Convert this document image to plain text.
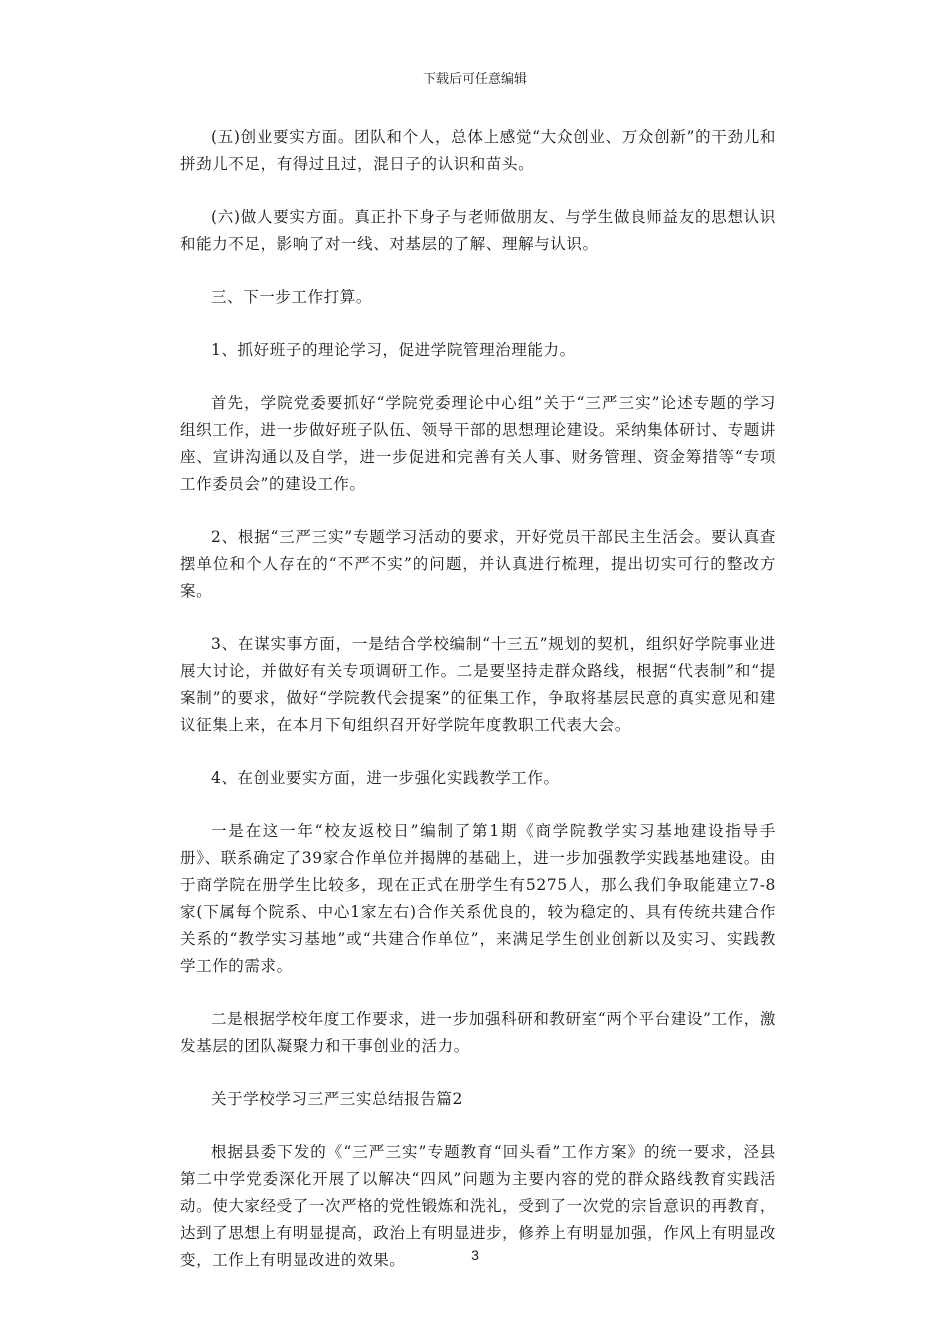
下载后可任意编辑

(五)创业要实方面。团队和个人，总体上感觉“大众创业、万众创新”的干劲儿和拼劲儿不足，有得过且过，混日子的认识和苗头。

(六)做人要实方面。真正扑下身子与老师做朋友、与学生做良师益友的思想认识和能力不足，影响了对一线、对基层的了解、理解与认识。

三、下一步工作打算。

1、抓好班子的理论学习，促进学院管理治理能力。

首先，学院党委要抓好“学院党委理论中心组”关于“三严三实”论述专题的学习组织工作，进一步做好班子队伍、领导干部的思想理论建设。采纳集体研讨、专题讲座、宣讲沟通以及自学，进一步促进和完善有关人事、财务管理、资金筹措等“专项工作委员会”的建设工作。

2、根据“三严三实”专题学习活动的要求，开好党员干部民主生活会。要认真查摆单位和个人存在的“不严不实”的问题，并认真进行梳理，提出切实可行的整改方案。

3、在谋实事方面，一是结合学校编制“十三五”规划的契机，组织好学院事业进展大讨论，并做好有关专项调研工作。二是要坚持走群众路线，根据“代表制”和“提案制”的要求，做好“学院教代会提案”的征集工作，争取将基层民意的真实意见和建议征集上来，在本月下旬组织召开好学院年度教职工代表大会。

4、在创业要实方面，进一步强化实践教学工作。

一是在这一年“校友返校日”编制了第1期《商学院教学实习基地建设指导手册》、联系确定了39家合作单位并揭牌的基础上，进一步加强教学实践基地建设。由于商学院在册学生比较多，现在正式在册学生有5275人，那么我们争取能建立7-8家(下属每个院系、中心1家左右)合作关系优良的，较为稳定的、具有传统共建合作关系的“教学实习基地”或“共建合作单位”，来满足学生创业创新以及实习、实践教学工作的需求。

二是根据学校年度工作要求，进一步加强科研和教研室“两个平台建设”工作，激发基层的团队凝聚力和干事创业的活力。

关于学校学习三严三实总结报告篇2

根据县委下发的《“三严三实”专题教育“回头看”工作方案》的统一要求，泾县第二中学党委深化开展了以解决“四风”问题为主要内容的党的群众路线教育实践活动。使大家经受了一次严格的党性锻炼和洗礼，受到了一次党的宗旨意识的再教育，达到了思想上有明显提高，政治上有明显进步，修养上有明显加强，作风上有明显改变，工作上有明显改进的效果。	3
